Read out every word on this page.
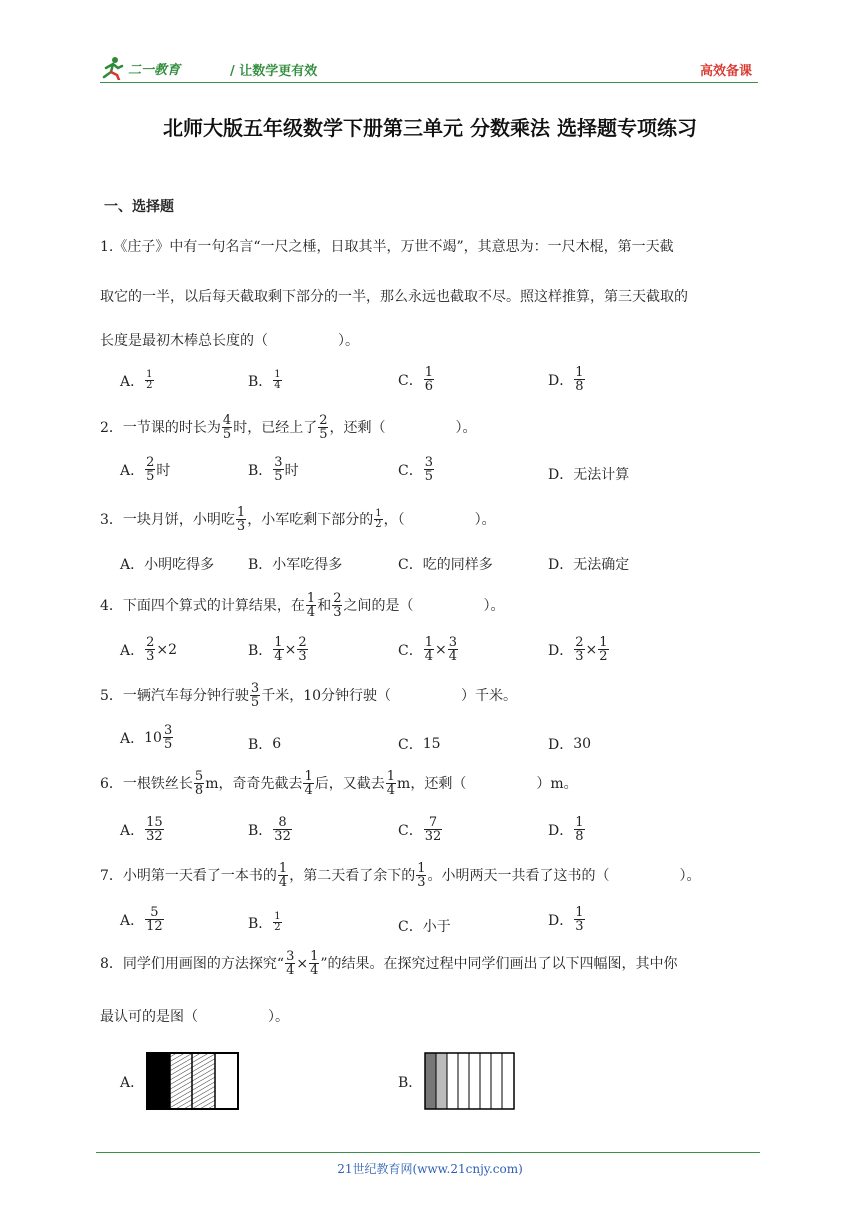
二一教育	/ 让数学更有效	高效备课
北师大版五年级数学下册第三单元 分数乘法 选择题专项练习
一、选择题
1.《庄子》中有一句名言“一尺之棰，日取其半，万世不竭”，其意思为：一尺木棍，第一天截
取它的一半，以后每天截取剩下部分的一半，那么永远也截取不尽。照这样推算，第三天截取的
长度是最初木棒总长度的（　　　　　）。
A． $\frac{1}{2}$	B． $\frac{1}{4}$	C． $\frac{1}{6}$	D． $\frac{1}{8}$
2．一节课的时长为 $\frac{4}{5}$ 时，已经上了 $\frac{2}{5}$ ，还剩（　　　　　）。
A． $\frac{2}{5}$ 时	B． $\frac{3}{5}$ 时	C． $\frac{3}{5}$	D． 无法计算
3．一块月饼，小明吃 $\frac{1}{3}$ ，小军吃剩下部分的 $\frac{1}{2}$ ，（　　　　　）。
A．小明吃得多 B．小军吃得多	C．吃的同样多	D．无法确定
4．下面四个算式的计算结果，在 $\frac{1}{4}$ 和 $\frac{2}{3}$ 之间的是（　　　　　）。
A． $\frac{2}{3} \times 2$	B． $\frac{1}{4} \times \frac{2}{3}$	C． $\frac{1}{4} \times \frac{3}{4}$	D． $\frac{2}{3} \times \frac{1}{2}$
5．一辆汽车每分钟行驶 $\frac{3}{5}$ 千米，10分钟行驶（　　　　　）千米。
A． $10 \frac{3}{5}$	B． 6	C． 15	D． 30
6．一根铁丝长 $\frac{5}{8}$ m，奇奇先截去 $\frac{1}{4}$ 后，又截去 $\frac{1}{4}$ m，还剩（　　　　　）m。
A． $\frac{15}{32}$	B． $\frac{8}{32}$	C． $\frac{7}{32}$	D． $\frac{1}{8}$
7．小明第一天看了一本书的 $\frac{1}{4}$ ，第二天看了余下的 $\frac{1}{3}$ 。小明两天一共看了这书的（　　　　　）。
A． $\frac{5}{12}$	B． $\frac{1}{2}$	C． 小于	D． $\frac{1}{3}$
8．同学们用画图的方法探究“ $\frac{3}{4} \times \frac{1}{4}$ ”的结果。在探究过程中同学们画出了以下四幅图，其中你
最认可的是图（　　　　　）。
A．	B．
21世纪教育网(www.21cnjy.com)
